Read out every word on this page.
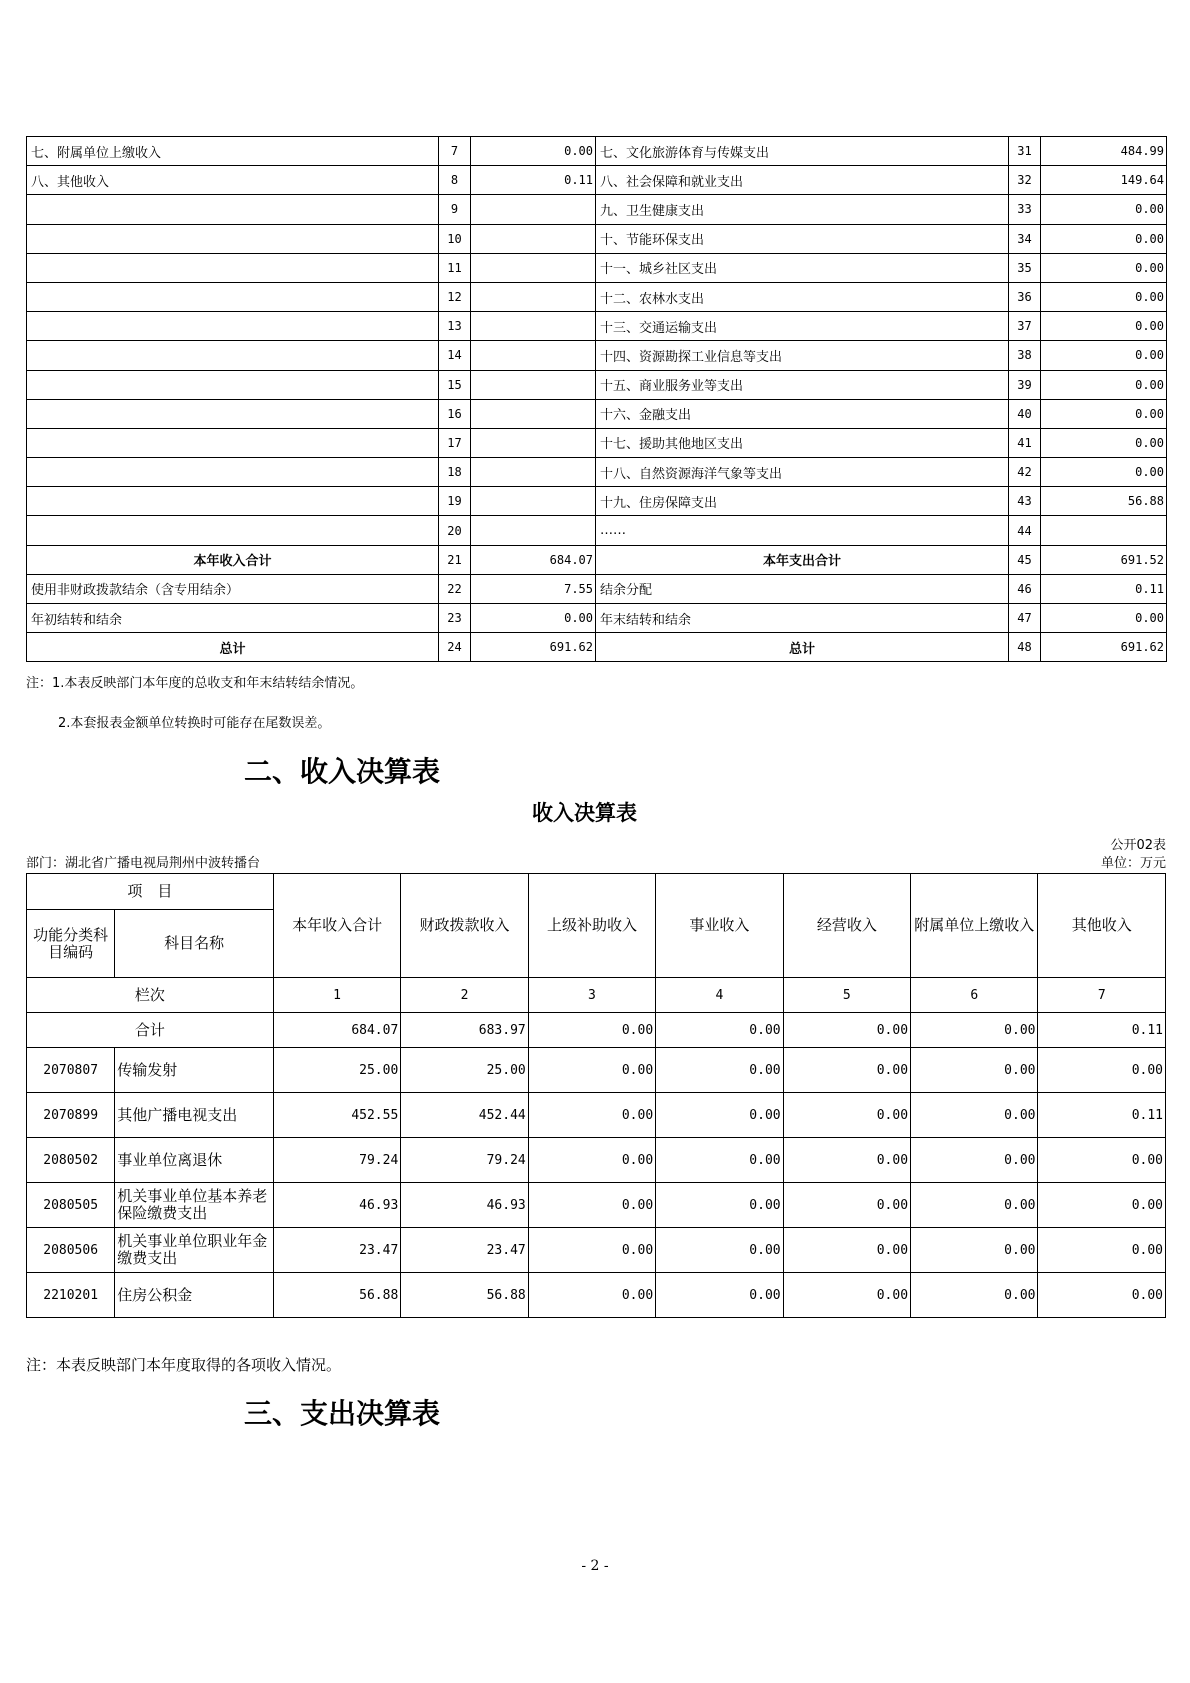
七、附属单位上缴收入	7	0.00	七、文化旅游体育与传媒支出	31	484.99
八、其他收入	8	0.11	八、社会保障和就业支出	32	149.64
	9		九、卫生健康支出	33	0.00
	10		十、节能环保支出	34	0.00
	11		十一、城乡社区支出	35	0.00
	12		十二、农林水支出	36	0.00
	13		十三、交通运输支出	37	0.00
	14		十四、资源勘探工业信息等支出	38	0.00
	15		十五、商业服务业等支出	39	0.00
	16		十六、金融支出	40	0.00
	17		十七、援助其他地区支出	41	0.00
	18		十八、自然资源海洋气象等支出	42	0.00
	19		十九、住房保障支出	43	56.88
	20		……	44	
本年收入合计	21	684.07	本年支出合计	45	691.52
使用非财政拨款结余（含专用结余）	22	7.55	结余分配	46	0.11
年初结转和结余	23	0.00	年末结转和结余	47	0.00
总计	24	691.62	总计	48	691.62
注：1.本表反映部门本年度的总收支和年末结转结余情况。
2.本套报表金额单位转换时可能存在尾数误差。
二、收入决算表
收入决算表
公开02表
部门：湖北省广播电视局荆州中波转播台	单位：万元
项　目		本年收入合计	财政拨款收入	上级补助收入	事业收入	经营收入	附属单位上缴收入	其他收入
功能分类科目编码	科目名称							
栏次		1	2	3	4	5	6	7
合计		684.07	683.97	0.00	0.00	0.00	0.00	0.11
2070807	传输发射	25.00	25.00	0.00	0.00	0.00	0.00	0.00
2070899	其他广播电视支出	452.55	452.44	0.00	0.00	0.00	0.00	0.11
2080502	事业单位离退休	79.24	79.24	0.00	0.00	0.00	0.00	0.00
2080505	机关事业单位基本养老保险缴费支出	46.93	46.93	0.00	0.00	0.00	0.00	0.00
2080506	机关事业单位职业年金缴费支出	23.47	23.47	0.00	0.00	0.00	0.00	0.00
2210201	住房公积金	56.88	56.88	0.00	0.00	0.00	0.00	0.00
注：本表反映部门本年度取得的各项收入情况。
三、支出决算表
- 2 -
